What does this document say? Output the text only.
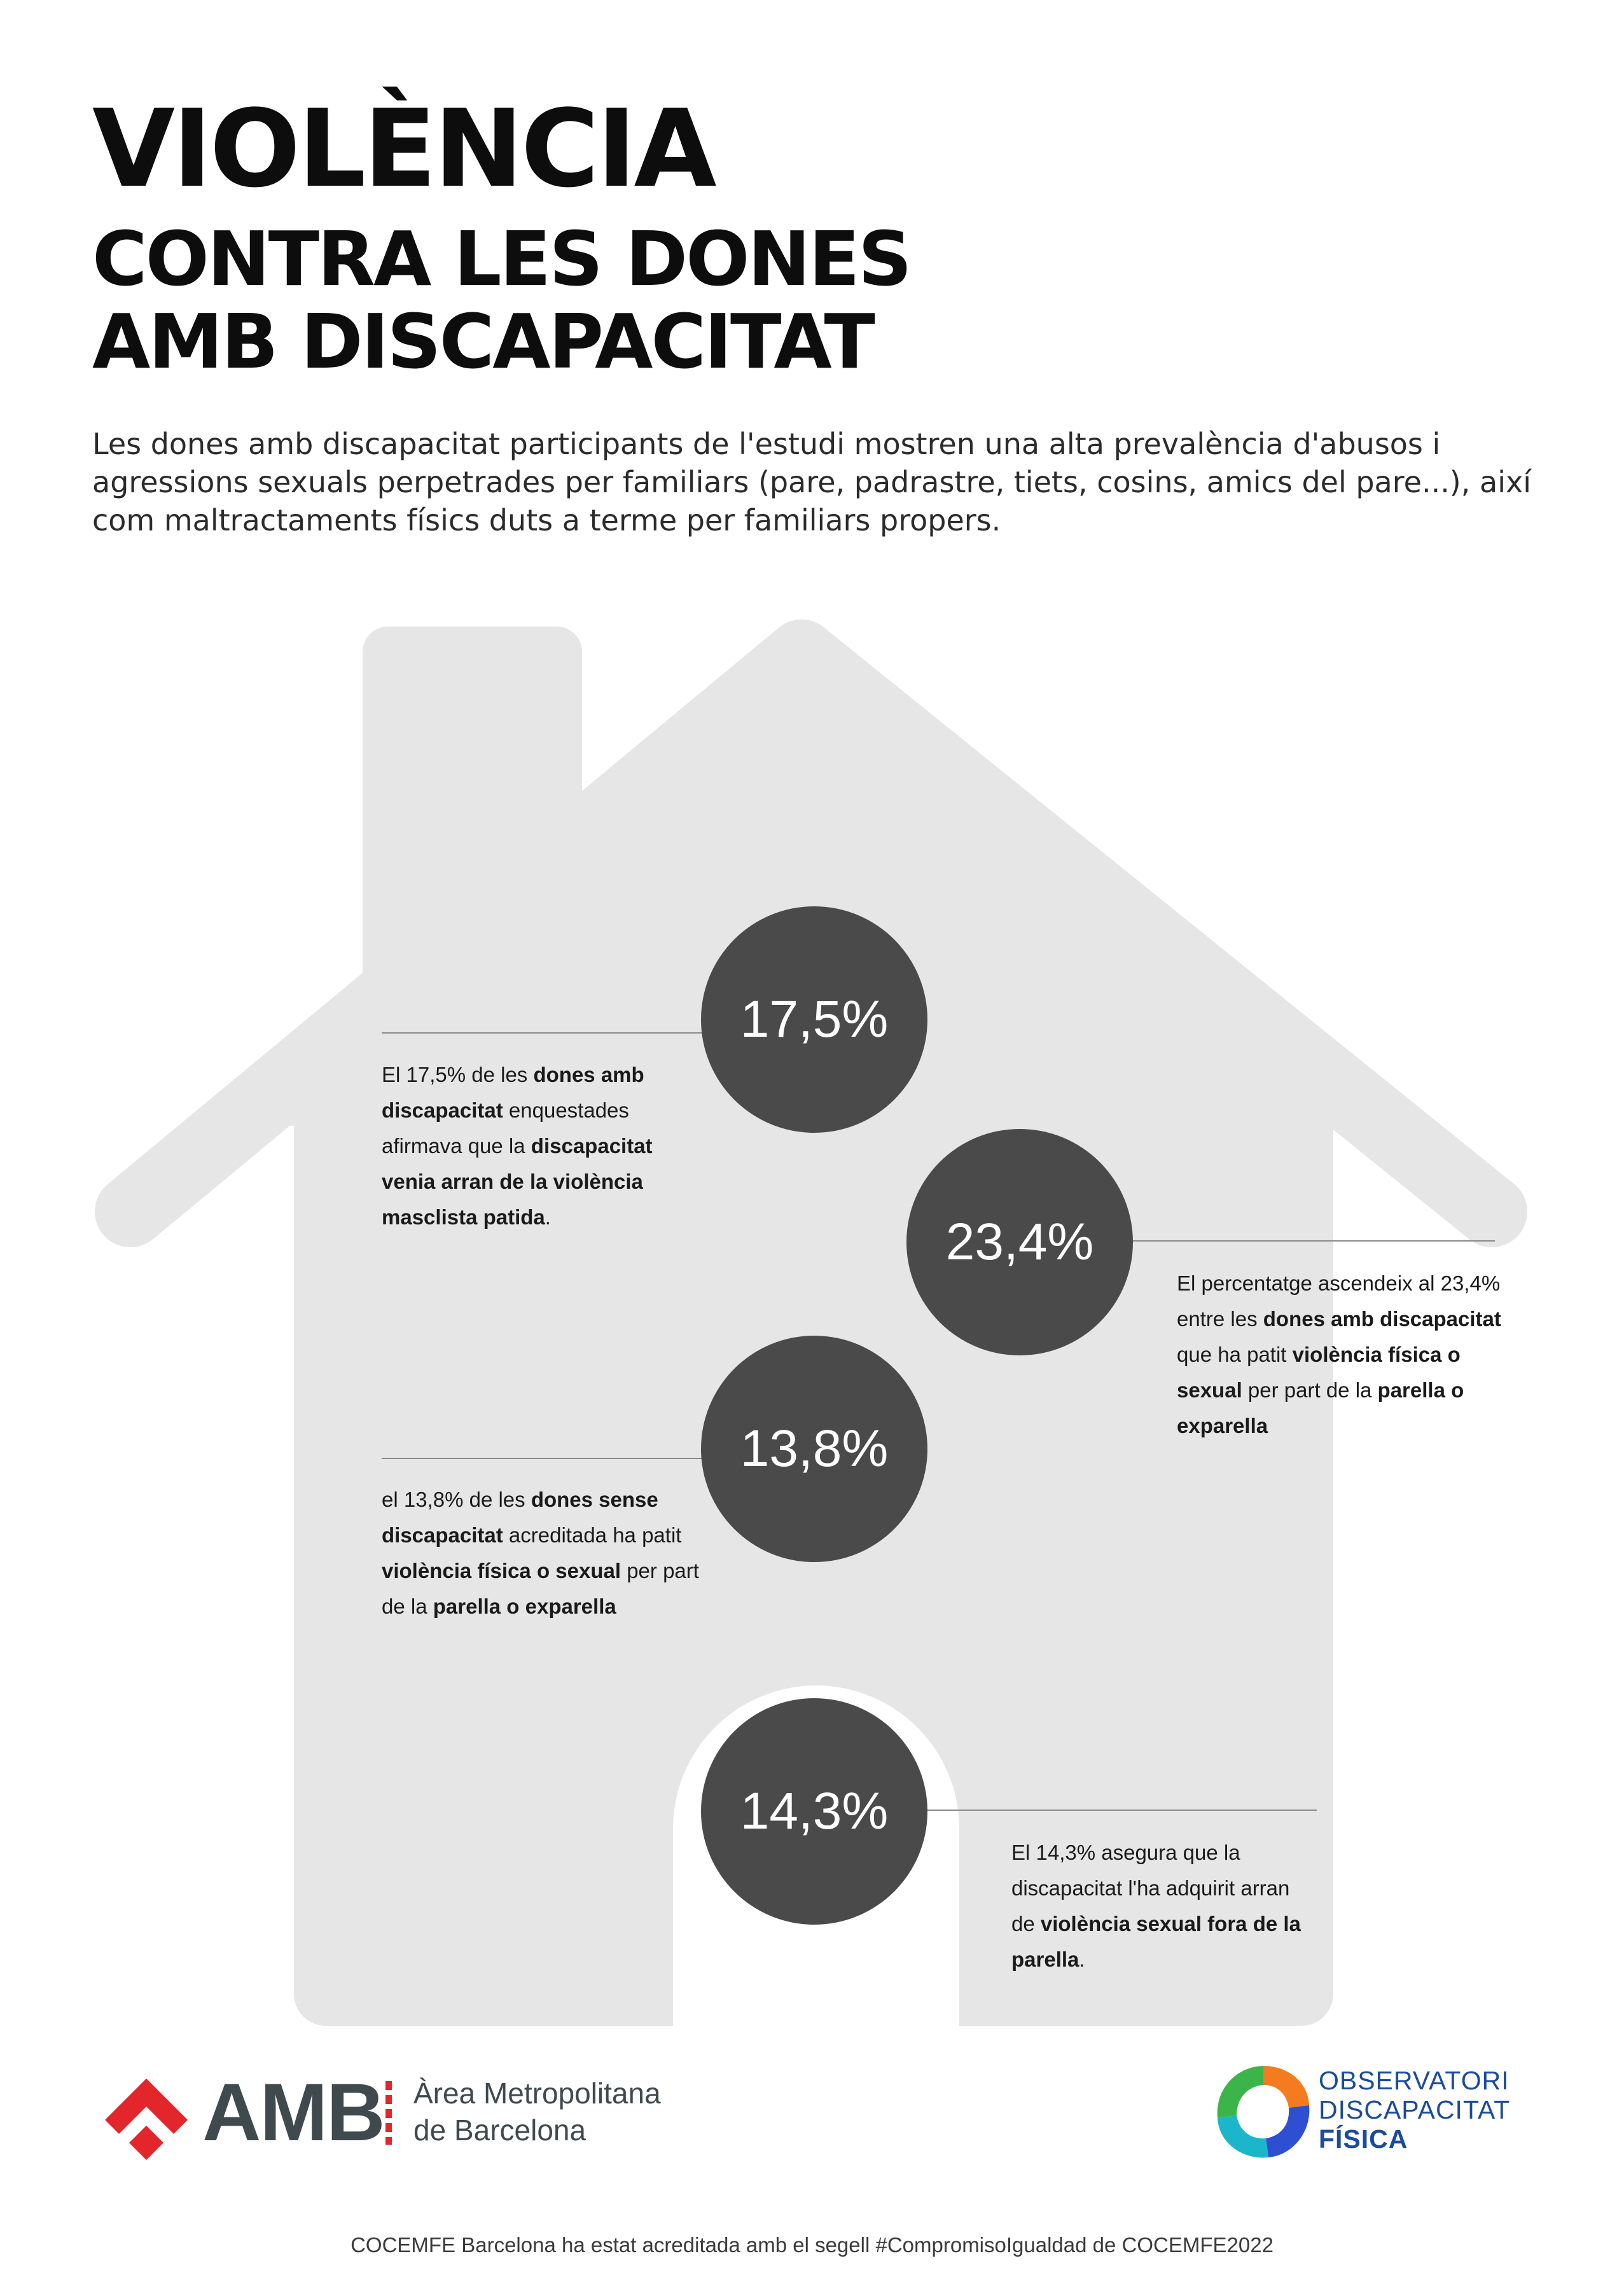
VIOLÈNCIA
CONTRA LES DONES
AMB DISCAPACITAT
Les dones amb discapacitat participants de l'estudi mostren una alta prevalència d'abusos i agressions sexuals perpetrades per familiars (pare, padrastre, tiets, cosins, amics del pare...), així com maltractaments físics duts a terme per familiars propers.
17,5%
El 17,5% de les dones amb discapacitat enquestades afirmava que la discapacitat venia arran de la violència masclista patida.	23,4%
El percentatge ascendeix al 23,4% entre les dones amb discapacitat que ha patit violència física o sexual per part de la parella o exparella
13,8%
el 13,8% de les dones sense discapacitat acreditada ha patit violència física o sexual per part de la parella o exparella
14,3%
El 14,3% asegura que la discapacitat l'ha adquirit arran de violència sexual fora de la parella.
AMB Àrea Metropolitana
de Barcelona
OBSERVATORI
DISCAPACITAT
FÍSICA
COCEMFE Barcelona ha estat acreditada amb el segell #CompromisoIgualdad de COCEMFE2022
